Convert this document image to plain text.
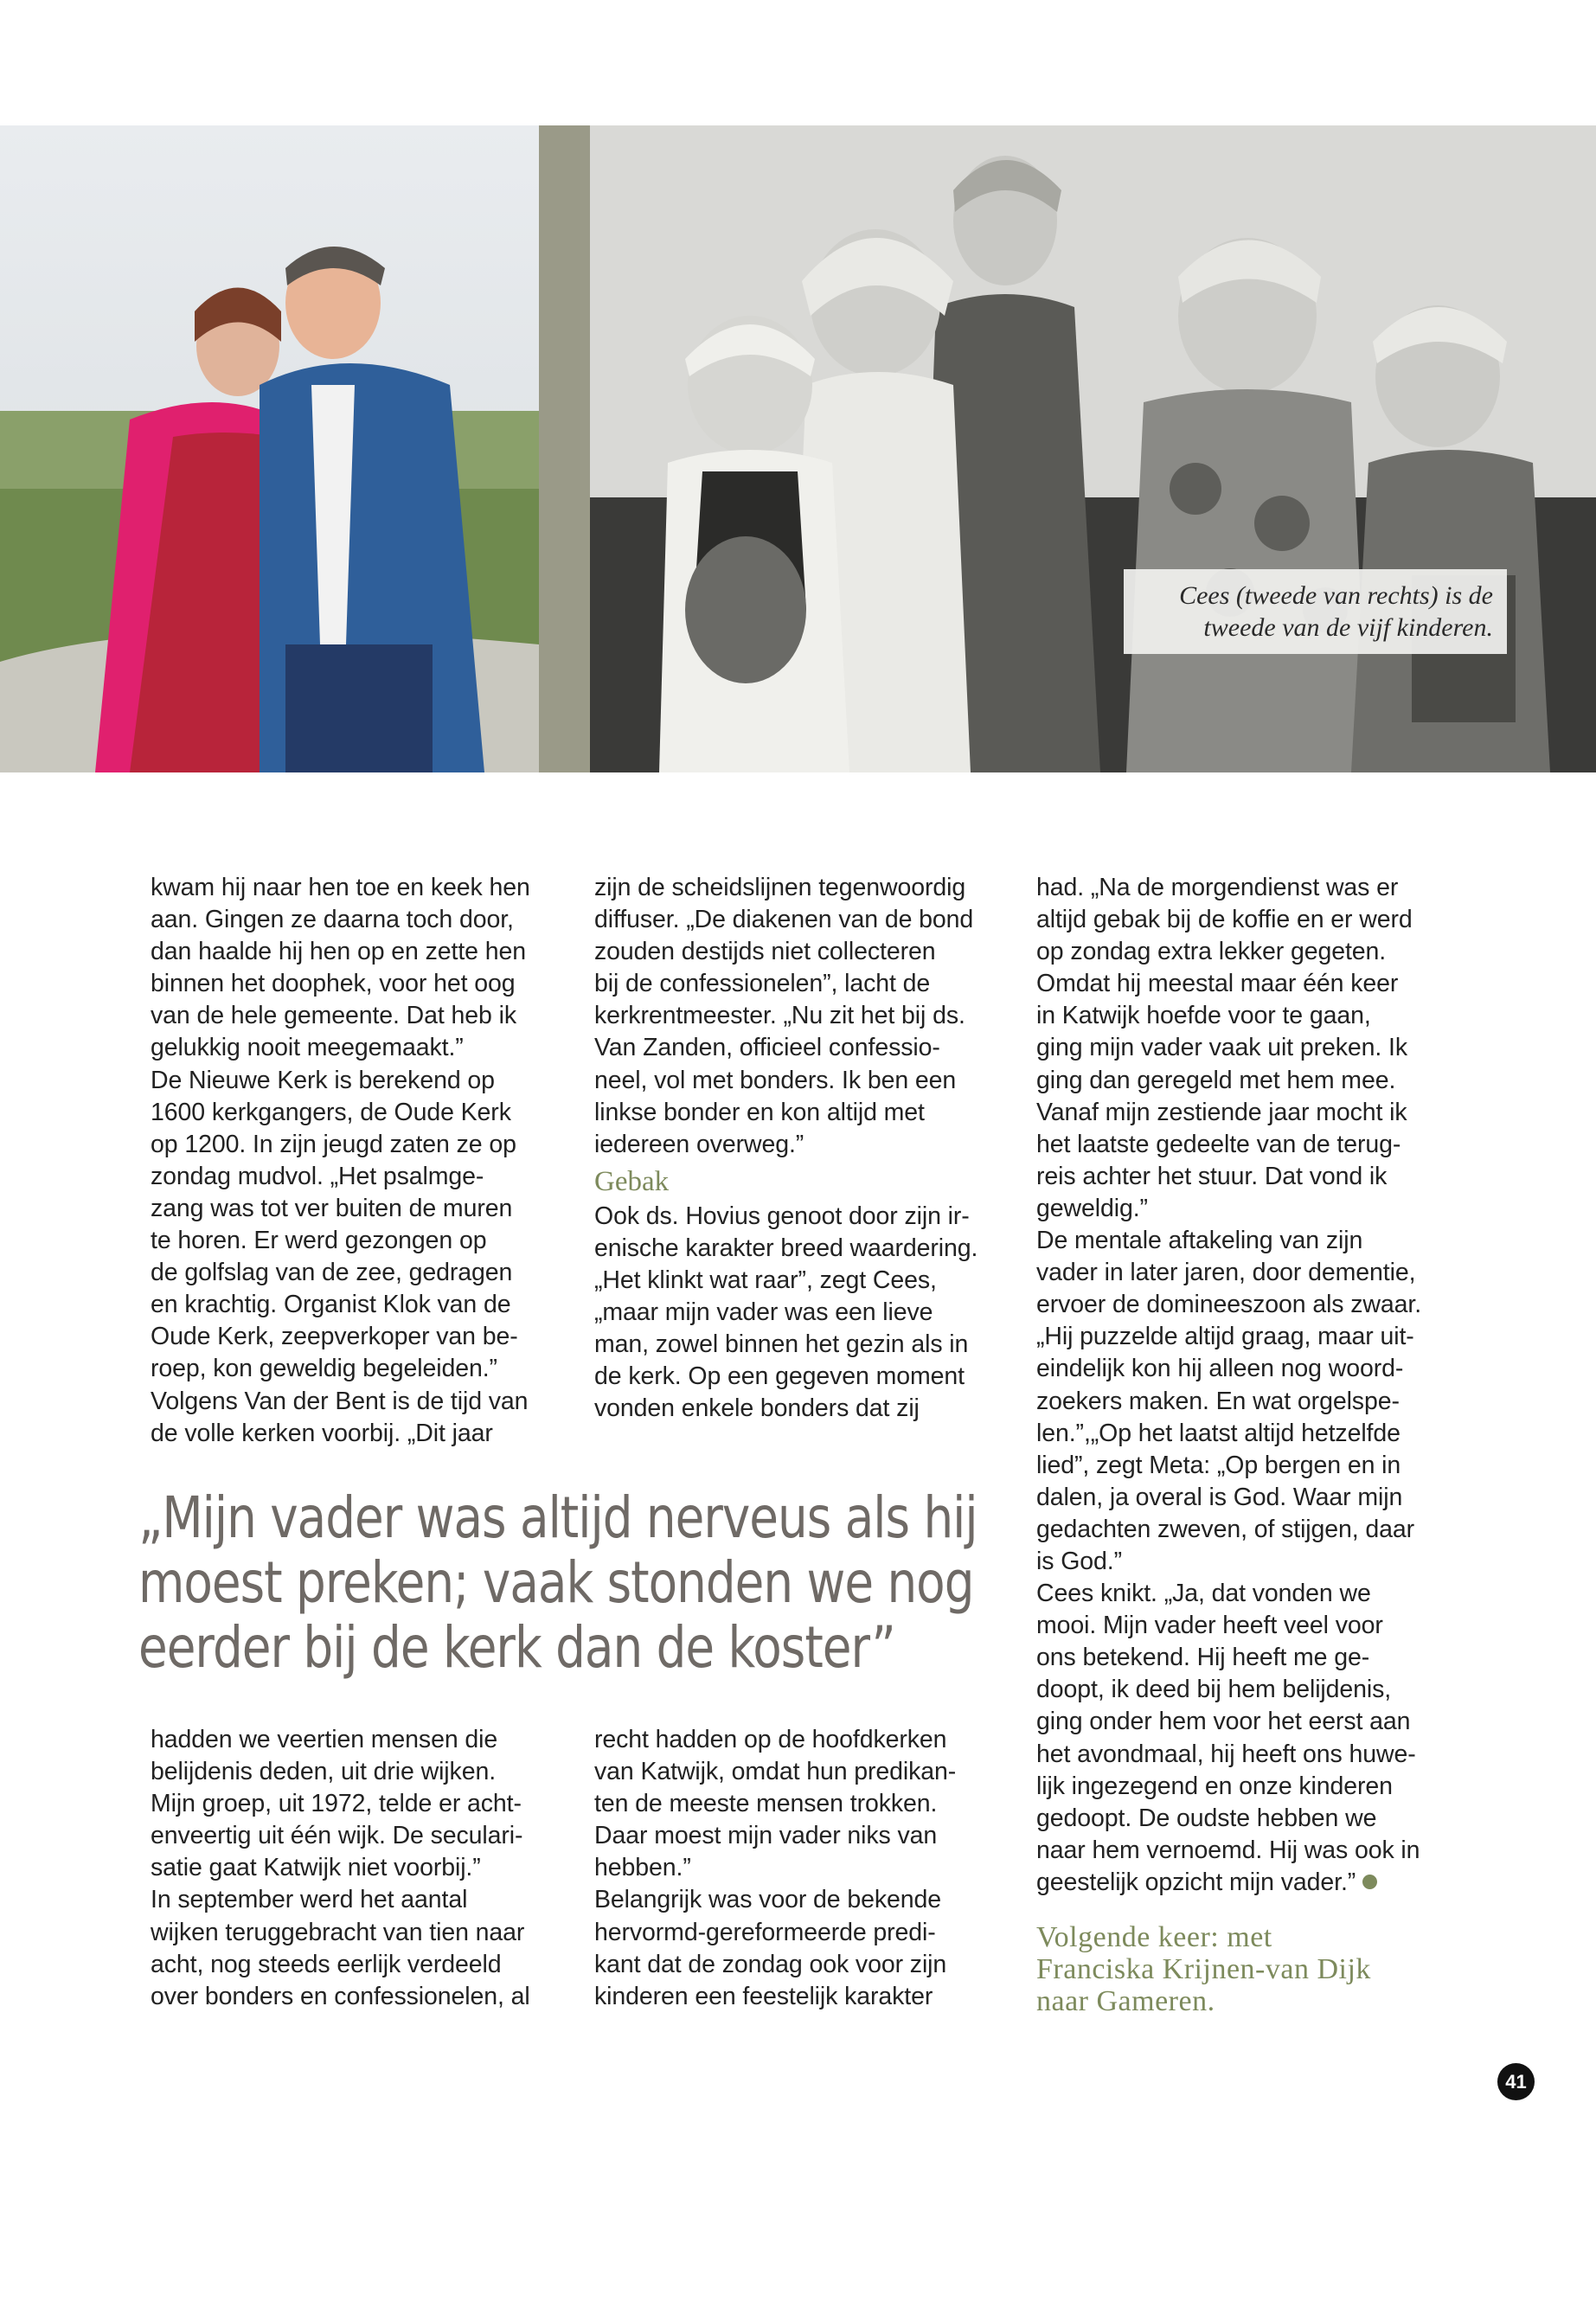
Cees (tweede van rechts) is de
tweede van de vijf kinderen.
kwam hij naar hen toe en keek hen
aan. Gingen ze daarna toch door,
dan haalde hij hen op en zette hen
binnen het doophek, voor het oog
van de hele gemeente. Dat heb ik
gelukkig nooit meegemaakt.”
De Nieuwe Kerk is berekend op
1600 kerkgangers, de Oude Kerk
op 1200. In zijn jeugd zaten ze op
zondag mudvol. „Het psalmge-
zang was tot ver buiten de muren
te horen. Er werd gezongen op
de golfslag van de zee, gedragen
en krachtig. Organist Klok van de
Oude Kerk, zeepverkoper van be-
roep, kon geweldig begeleiden.”
Volgens Van der Bent is de tijd van
de volle kerken voorbij. „Dit jaar
zijn de scheidslijnen tegenwoordig
diffuser. „De diakenen van de bond
zouden destijds niet collecteren
bij de confessionelen”, lacht de
kerkrentmeester. „Nu zit het bij ds.
Van Zanden, officieel confessio-
neel, vol met bonders. Ik ben een
linkse bonder en kon altijd met
iedereen overweg.”
Gebak
Ook ds. Hovius genoot door zijn ir-
enische karakter breed waardering.
„Het klinkt wat raar”, zegt Cees,
„maar mijn vader was een lieve
man, zowel binnen het gezin als in
de kerk. Op een gegeven moment
vonden enkele bonders dat zij
had. „Na de morgendienst was er
altijd gebak bij de koffie en er werd
op zondag extra lekker gegeten.
Omdat hij meestal maar één keer
in Katwijk hoefde voor te gaan,
ging mijn vader vaak uit preken. Ik
ging dan geregeld met hem mee.
Vanaf mijn zestiende jaar mocht ik
het laatste gedeelte van de terug-
reis achter het stuur. Dat vond ik
geweldig.”
De mentale aftakeling van zijn
vader in later jaren, door dementie,
ervoer de domineeszoon als zwaar.
„Hij puzzelde altijd graag, maar uit-
eindelijk kon hij alleen nog woord-
zoekers maken. En wat orgelspe-
len.”,„Op het laatst altijd hetzelfde
lied”, zegt Meta: „Op bergen en in
dalen, ja overal is God. Waar mijn
gedachten zweven, of stijgen, daar
is God.”
Cees knikt. „Ja, dat vonden we
mooi. Mijn vader heeft veel voor
ons betekend. Hij heeft me ge-
doopt, ik deed bij hem belijdenis,
ging onder hem voor het eerst aan
het avondmaal, hij heeft ons huwe-
lijk ingezegend en onze kinderen
gedoopt. De oudste hebben we
naar hem vernoemd. Hij was ook in
geestelijk opzicht mijn vader.”
Volgende keer: met
Franciska Krijnen-van Dijk
naar Gameren.
„Mijn vader was altijd nerveus als hij
moest preken; vaak stonden we nog
eerder bij de kerk dan de koster”
hadden we veertien mensen die
belijdenis deden, uit drie wijken.
Mijn groep, uit 1972, telde er acht-
enveertig uit één wijk. De seculari-
satie gaat Katwijk niet voorbij.”
In september werd het aantal
wijken teruggebracht van tien naar
acht, nog steeds eerlijk verdeeld
over bonders en confessionelen, al
recht hadden op de hoofdkerken
van Katwijk, omdat hun predikan-
ten de meeste mensen trokken.
Daar moest mijn vader niks van
hebben.”
Belangrijk was voor de bekende
hervormd-gereformeerde predi-
kant dat de zondag ook voor zijn
kinderen een feestelijk karakter
41
